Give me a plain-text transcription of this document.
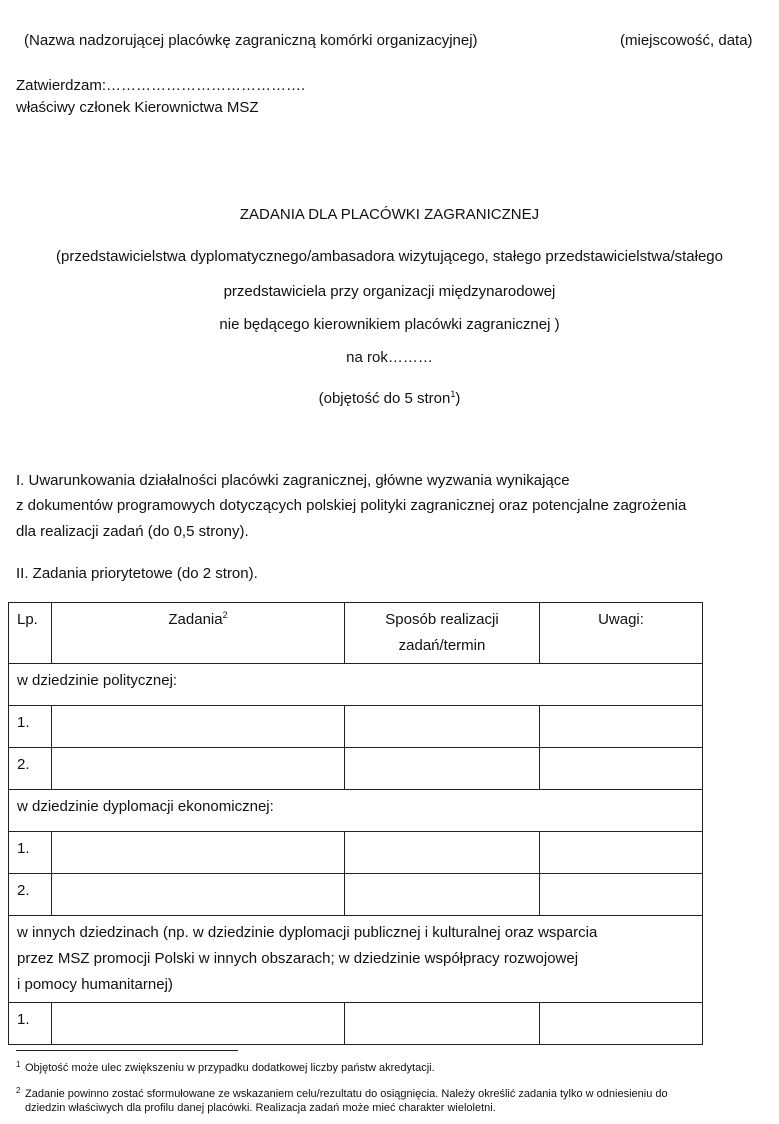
(Nazwa nadzorującej placówkę zagraniczną komórki organizacyjnej)	(miejscowość, data)
Zatwierdzam:………………………………….
właściwy członek Kierownictwa MSZ
ZADANIA DLA PLACÓWKI ZAGRANICZNEJ
(przedstawicielstwa dyplomatycznego/ambasadora wizytującego, stałego przedstawicielstwa/stałego
przedstawiciela przy organizacji międzynarodowej
nie będącego kierownikiem placówki zagranicznej )
na rok………
(objętość do 5 stron$^1$)
I. Uwarunkowania działalności placówki zagranicznej, główne wyzwania wynikające
z dokumentów programowych dotyczących polskiej polityki zagranicznej oraz potencjalne zagrożenia
dla realizacji zadań (do 0,5 strony).
II. Zadania priorytetowe (do 2 stron).
Lp.	Zadania$^2$	Sposób realizacji
zadań/termin	Uwagi:
w dziedzinie politycznej:			
1.			
2.			
w dziedzinie dyplomacji ekonomicznej:			
1.			
2.			
w innych dziedzinach (np. w dziedzinie dyplomacji publicznej i kulturalnej oraz wsparcia
przez MSZ promocji Polski w innych obszarach; w dziedzinie współpracy rozwojowej
i pomocy humanitarnej)			
1.			
1 Objętość może ulec zwiększeniu w przypadku dodatkowej liczby państw akredytacji.
2 Zadanie powinno zostać sformułowane ze wskazaniem celu/rezultatu do osiągnięcia. Należy określić zadania tylko w odniesieniu do
dziedzin właściwych dla profilu danej placówki. Realizacja zadań może mieć charakter wieloletni.
